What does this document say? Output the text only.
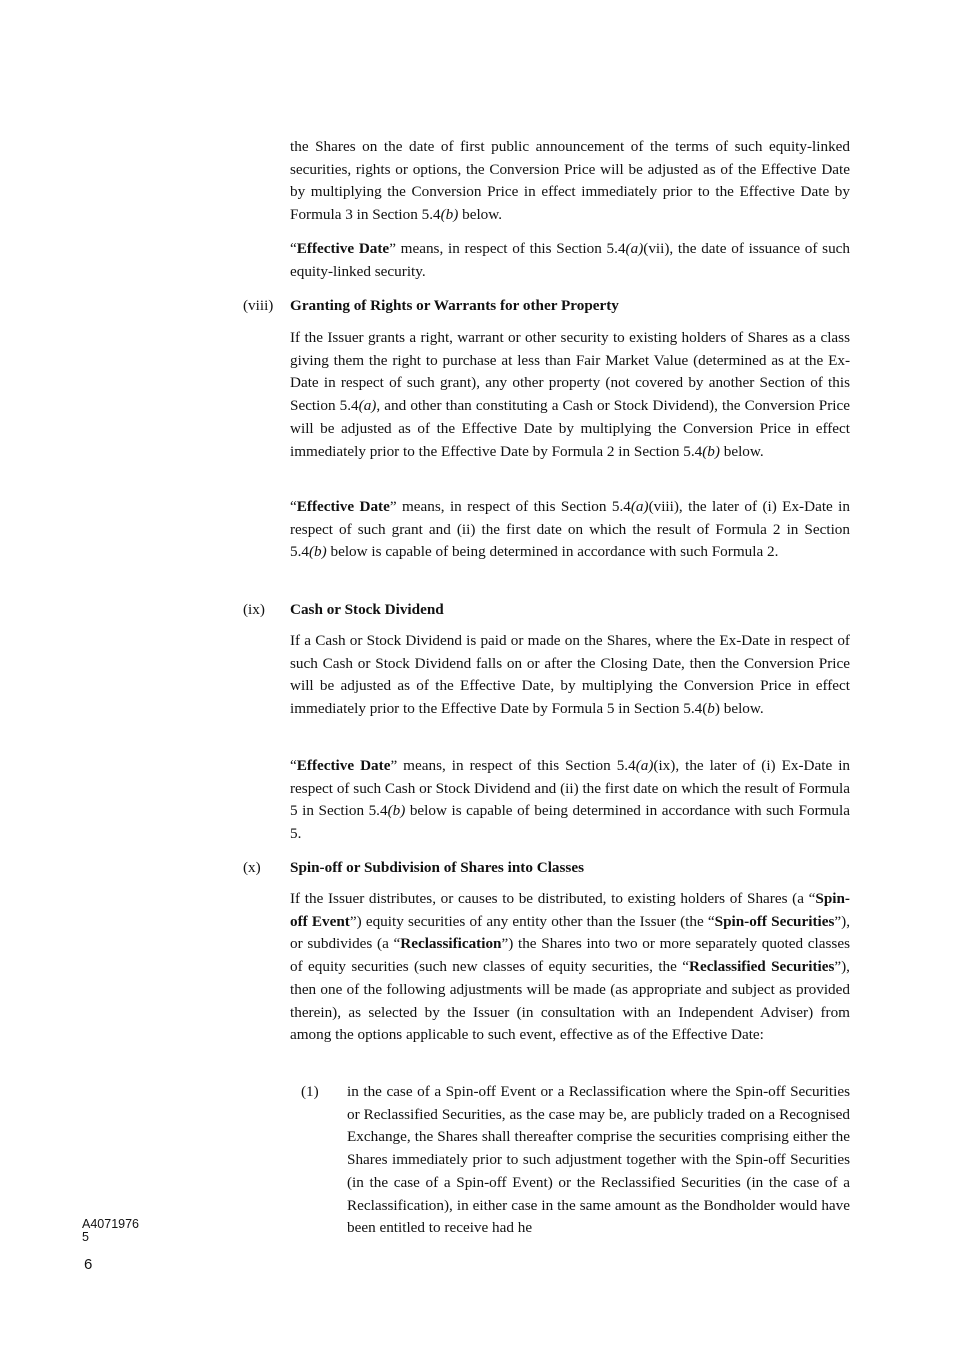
the Shares on the date of first public announcement of the terms of such equity-linked securities, rights or options, the Conversion Price will be adjusted as of the Effective Date by multiplying the Conversion Price in effect immediately prior to the Effective Date by Formula 3 in Section 5.4(b) below.

“Effective Date” means, in respect of this Section 5.4(a)(vii), the date of issuance of such equity-linked security.

(viii) Granting of Rights or Warrants for other Property

If the Issuer grants a right, warrant or other security to existing holders of Shares as a class giving them the right to purchase at less than Fair Market Value (determined as at the Ex-Date in respect of such grant), any other property (not covered by another Section of this Section 5.4(a), and other than constituting a Cash or Stock Dividend), the Conversion Price will be adjusted as of the Effective Date by multiplying the Conversion Price in effect immediately prior to the Effective Date by Formula 2 in Section 5.4(b) below.

“Effective Date” means, in respect of this Section 5.4(a)(viii), the later of (i) Ex-Date in respect of such grant and (ii) the first date on which the result of Formula 2 in Section 5.4(b) below is capable of being determined in accordance with such Formula 2.

(ix) Cash or Stock Dividend

If a Cash or Stock Dividend is paid or made on the Shares, where the Ex-Date in respect of such Cash or Stock Dividend falls on or after the Closing Date, then the Conversion Price will be adjusted as of the Effective Date, by multiplying the Conversion Price in effect immediately prior to the Effective Date by Formula 5 in Section 5.4(b) below.

“Effective Date” means, in respect of this Section 5.4(a)(ix), the later of (i) Ex-Date in respect of such Cash or Stock Dividend and (ii) the first date on which the result of Formula 5 in Section 5.4(b) below is capable of being determined in accordance with such Formula 5.

(x) Spin-off or Subdivision of Shares into Classes

If the Issuer distributes, or causes to be distributed, to existing holders of Shares (a “Spin-off Event”) equity securities of any entity other than the Issuer (the “Spin-off Securities”), or subdivides (a “Reclassification”) the Shares into two or more separately quoted classes of equity securities (such new classes of equity securities, the “Reclassified Securities”), then one of the following adjustments will be made (as appropriate and subject as provided therein), as selected by the Issuer (in consultation with an Independent Adviser) from among the options applicable to such event, effective as of the Effective Date:

(1) in the case of a Spin-off Event or a Reclassification where the Spin-off Securities or Reclassified Securities, as the case may be, are publicly traded on a Recognised Exchange, the Shares shall thereafter comprise the securities comprising either the Shares immediately prior to such adjustment together with the Spin-off Securities (in the case of a Spin-off Event) or the Reclassified Securities (in the case of a Reclassification), in either case in the same amount as the Bondholder would have been entitled to receive had he

A4071976
5
6
